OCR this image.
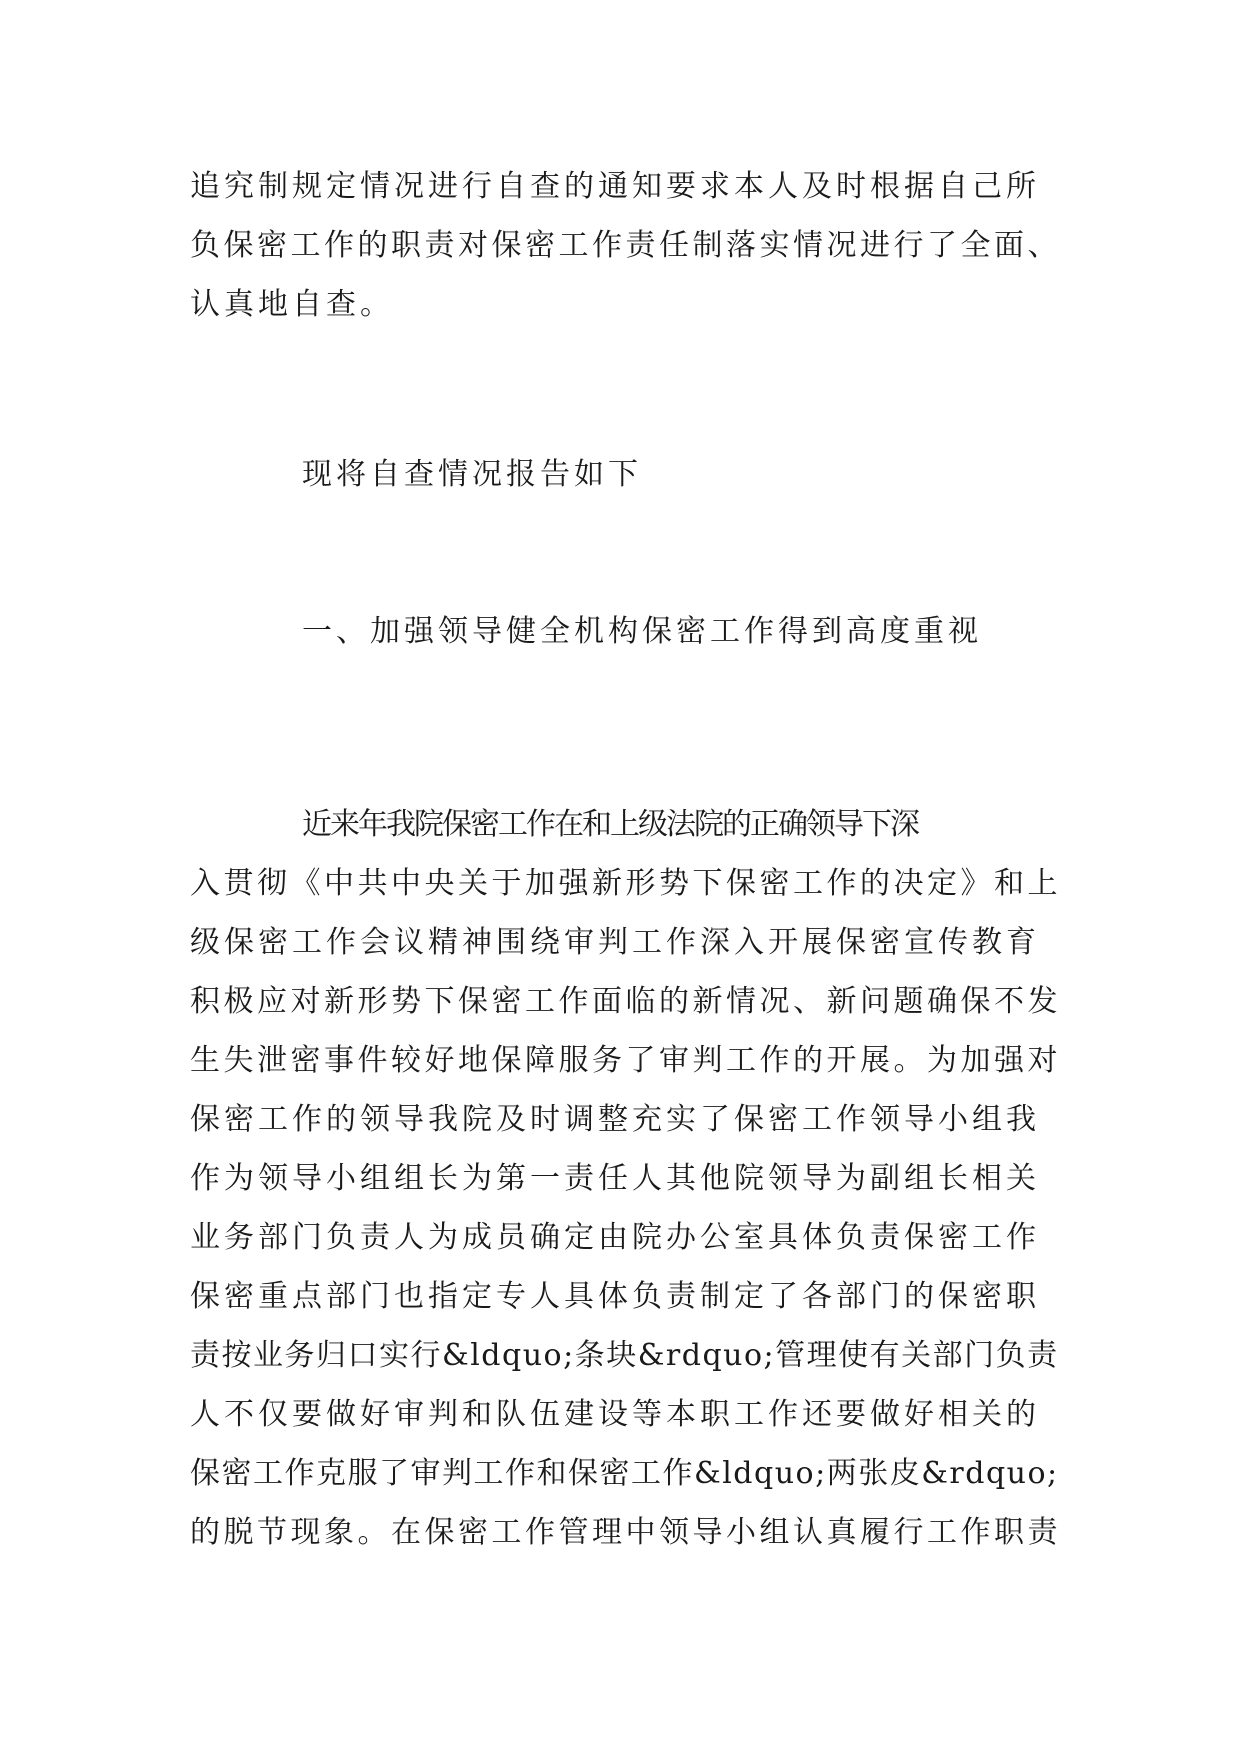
追究制规定情况进行自查的通知要求本人及时根据自己所
负保密工作的职责对保密工作责任制落实情况进行了全面、
认真地自查。
现将自查情况报告如下
一、加强领导健全机构保密工作得到高度重视
近来年我院保密工作在和上级法院的正确领导下深
入贯彻《中共中央关于加强新形势下保密工作的决定》和上
级保密工作会议精神围绕审判工作深入开展保密宣传教育
积极应对新形势下保密工作面临的新情况、新问题确保不发
生失泄密事件较好地保障服务了审判工作的开展。为加强对
保密工作的领导我院及时调整充实了保密工作领导小组我
作为领导小组组长为第一责任人其他院领导为副组长相关
业务部门负责人为成员确定由院办公室具体负责保密工作
保密重点部门也指定专人具体负责制定了各部门的保密职
责按业务归口实行&ldquo;条块&rdquo;管理使有关部门负责
人不仅要做好审判和队伍建设等本职工作还要做好相关的
保密工作克服了审判工作和保密工作&ldquo;两张皮&rdquo;
的脱节现象。在保密工作管理中领导小组认真履行工作职责
